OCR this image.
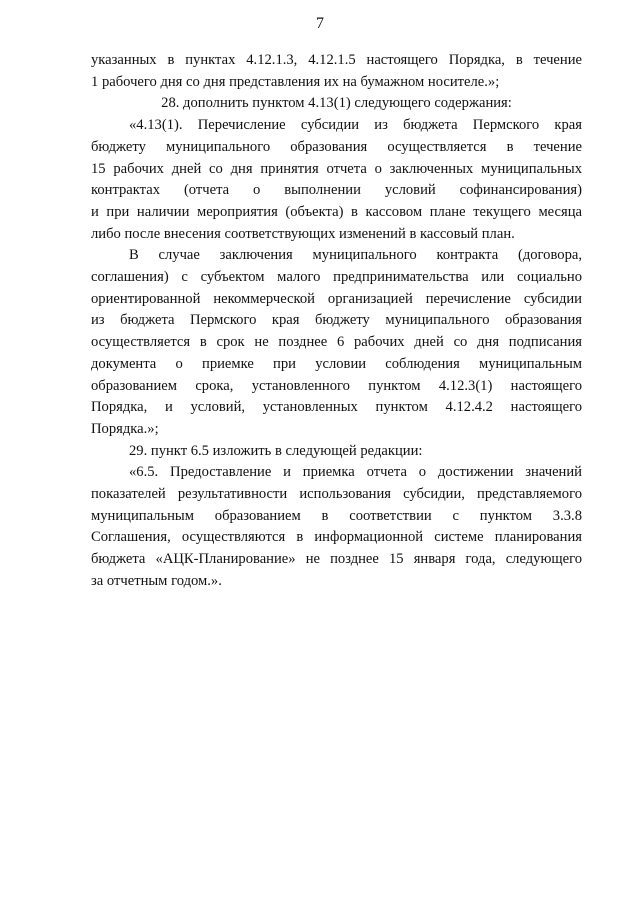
7

указанных в пунктах 4.12.1.3, 4.12.1.5 настоящего Порядка, в течение

1 рабочего дня со дня представления их на бумажном носителе.»;

28. дополнить пунктом 4.13(1) следующего содержания:

«4.13(1). Перечисление субсидии из бюджета Пермского края

бюджету муниципального образования осуществляется в течение

15 рабочих дней со дня принятия отчета о заключенных муниципальных

контрактах (отчета о выполнении условий софинансирования)

и при наличии мероприятия (объекта) в кассовом плане текущего месяца

либо после внесения соответствующих изменений в кассовый план.

В случае заключения муниципального контракта (договора,

соглашения) с субъектом малого предпринимательства или социально

ориентированной некоммерческой организацией перечисление субсидии

из бюджета Пермского края бюджету муниципального образования

осуществляется в срок не позднее 6 рабочих дней со дня подписания

документа о приемке при условии соблюдения муниципальным

образованием срока, установленного пунктом 4.12.3(1) настоящего

Порядка, и условий, установленных пунктом 4.12.4.2 настоящего

Порядка.»;

29. пункт 6.5 изложить в следующей редакции:

«6.5. Предоставление и приемка отчета о достижении значений

показателей результативности использования субсидии, представляемого

муниципальным образованием в соответствии с пунктом 3.3.8

Соглашения, осуществляются в информационной системе планирования

бюджета «АЦК-Планирование» не позднее 15 января года, следующего

за отчетным годом.».
